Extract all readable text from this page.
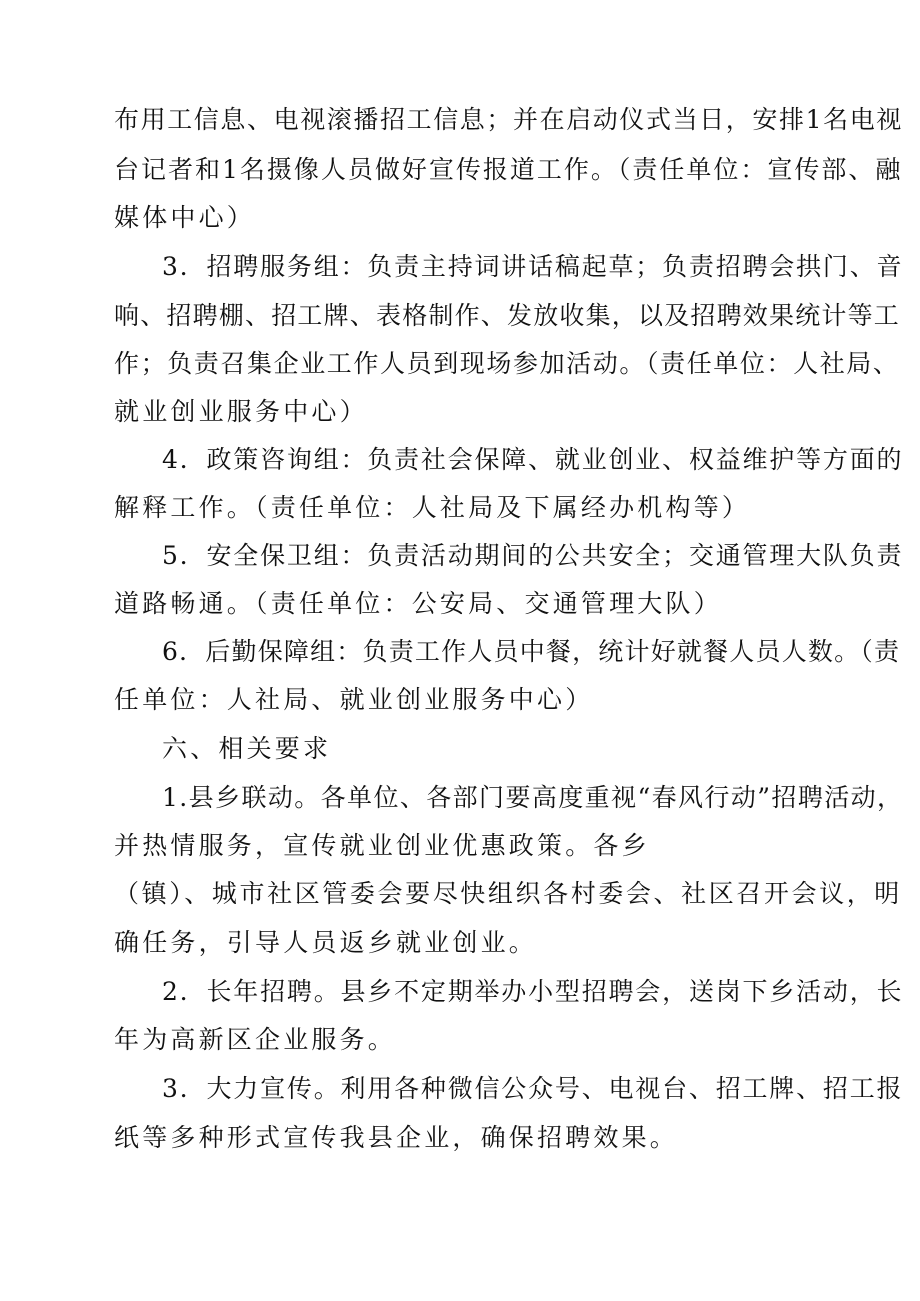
布用工信息、电视滚播招工信息；并在启动仪式当日，安排1名电视
台记者和1名摄像人员做好宣传报道工作。（责任单位：宣传部、融
媒体中心）
3．招聘服务组：负责主持词讲话稿起草；负责招聘会拱门、音
响、招聘棚、招工牌、表格制作、发放收集，以及招聘效果统计等工
作；负责召集企业工作人员到现场参加活动。（责任单位：人社局、
就业创业服务中心）
4．政策咨询组：负责社会保障、就业创业、权益维护等方面的
解释工作。（责任单位：人社局及下属经办机构等）
5．安全保卫组：负责活动期间的公共安全；交通管理大队负责
道路畅通。（责任单位：公安局、交通管理大队）
6．后勤保障组：负责工作人员中餐，统计好就餐人员人数。（责
任单位：人社局、就业创业服务中心）
六、相关要求
1.县乡联动。各单位、各部门要高度重视“春风行动”招聘活动，
并热情服务，宣传就业创业优惠政策。各乡
（镇）、城市社区管委会要尽快组织各村委会、社区召开会议，明
确任务，引导人员返乡就业创业。
2．长年招聘。县乡不定期举办小型招聘会，送岗下乡活动，长
年为高新区企业服务。
3．大力宣传。利用各种微信公众号、电视台、招工牌、招工报
纸等多种形式宣传我县企业，确保招聘效果。
